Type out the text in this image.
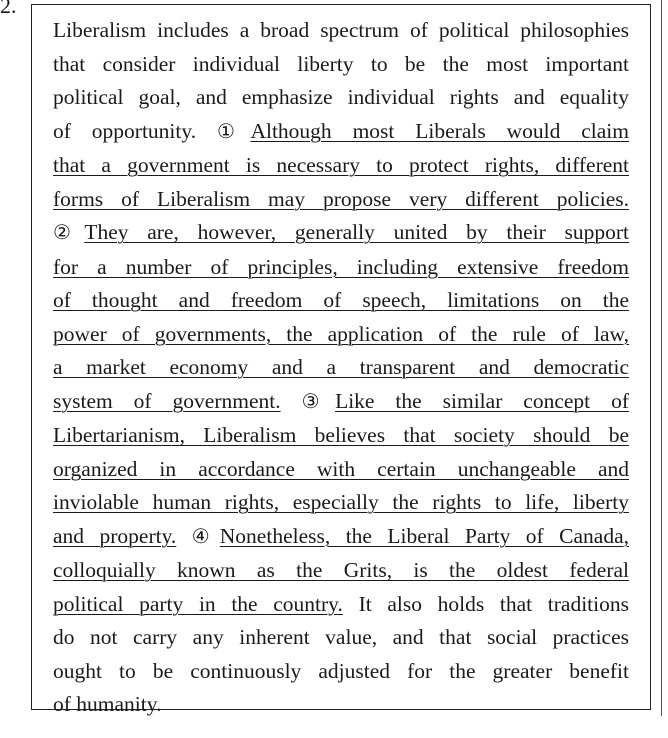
2.
Liberalism includes a broad spectrum of political philosophies
that consider individual liberty to be the most important
political goal, and emphasize individual rights and equality
of opportunity. ①Although most Liberals would claim
that a government is necessary to protect rights, different
forms of Liberalism may propose very different policies.
②They are, however, generally united by their support
for a number of principles, including extensive freedom
of thought and freedom of speech, limitations on the
power of governments, the application of the rule of law,
a market economy and a transparent and democratic
system of government. ③Like the similar concept of
Libertarianism, Liberalism believes that society should be
organized in accordance with certain unchangeable and
inviolable human rights, especially the rights to life, liberty
and property. ④Nonetheless, the Liberal Party of Canada,
colloquially known as the Grits, is the oldest federal
political party in the country. It also holds that traditions
do not carry any inherent value, and that social practices
ought to be continuously adjusted for the greater benefit
of humanity.
